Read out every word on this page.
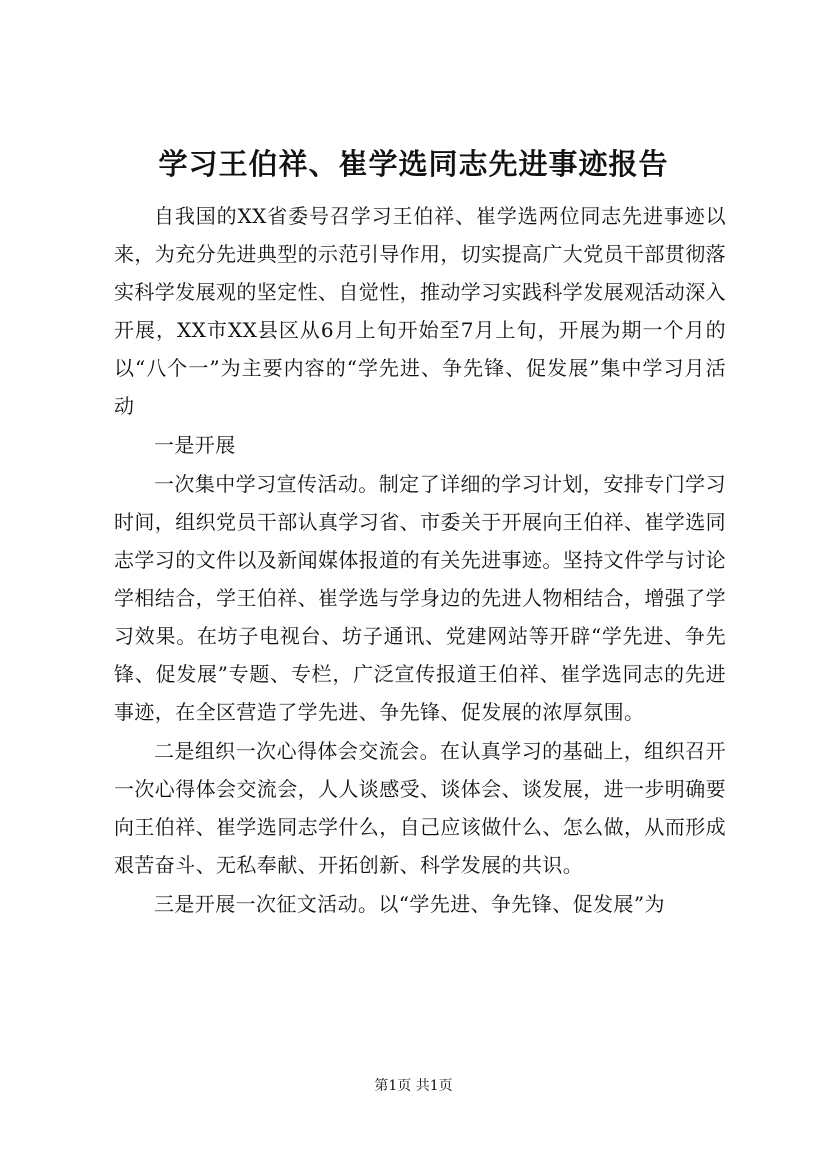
学习王伯祥、崔学选同志先进事迹报告

自我国的XX省委号召学习王伯祥、崔学选两位同志先进事迹以来，为充分先进典型的示范引导作用，切实提高广大党员干部贯彻落实科学发展观的坚定性、自觉性，推动学习实践科学发展观活动深入开展，XX市XX县区从6月上旬开始至7月上旬，开展为期一个月的以“八个一”为主要内容的“学先进、争先锋、促发展”集中学习月活动

一是开展

一次集中学习宣传活动。制定了详细的学习计划，安排专门学习时间，组织党员干部认真学习省、市委关于开展向王伯祥、崔学选同志学习的文件以及新闻媒体报道的有关先进事迹。坚持文件学与讨论学相结合，学王伯祥、崔学选与学身边的先进人物相结合，增强了学习效果。在坊子电视台、坊子通讯、党建网站等开辟“学先进、争先锋、促发展”专题、专栏，广泛宣传报道王伯祥、崔学选同志的先进事迹，在全区营造了学先进、争先锋、促发展的浓厚氛围。

二是组织一次心得体会交流会。在认真学习的基础上，组织召开一次心得体会交流会，人人谈感受、谈体会、谈发展，进一步明确要向王伯祥、崔学选同志学什么，自己应该做什么、怎么做，从而形成艰苦奋斗、无私奉献、开拓创新、科学发展的共识。

三是开展一次征文活动。以“学先进、争先锋、促发展”为

第1页 共1页
